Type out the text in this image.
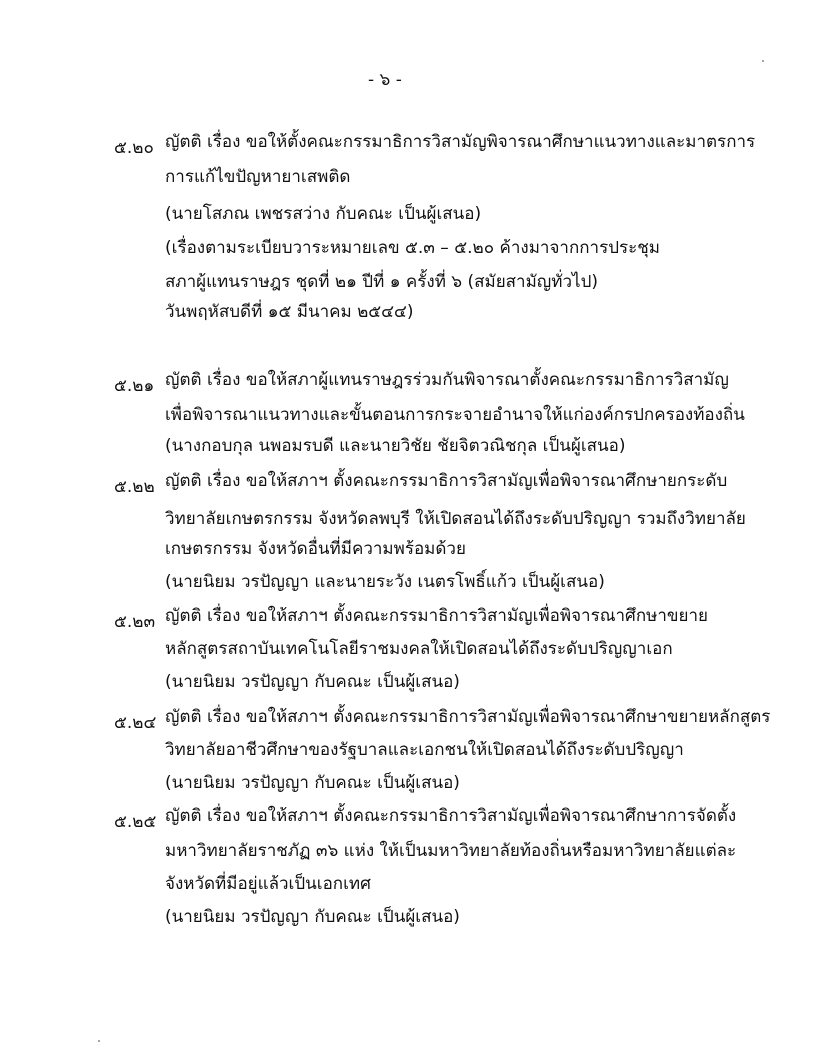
- ๖ -
๕.๒๐ ญัตติ เรื่อง ขอให้ตั้งคณะกรรมาธิการวิสามัญพิจารณาศึกษาแนวทางและมาตรการ
การแก้ไขปัญหายาเสพติด
(นายโสภณ เพชรสว่าง กับคณะ เป็นผู้เสนอ)
(เรื่องตามระเบียบวาระหมายเลข ๕.๓ – ๕.๒๐ ค้างมาจากการประชุม
สภาผู้แทนราษฎร ชุดที่ ๒๑ ปีที่ ๑ ครั้งที่ ๖ (สมัยสามัญทั่วไป)
วันพฤหัสบดีที่ ๑๕ มีนาคม ๒๕๔๔)
๕.๒๑ ญัตติ เรื่อง ขอให้สภาผู้แทนราษฎรร่วมกันพิจารณาตั้งคณะกรรมาธิการวิสามัญ
เพื่อพิจารณาแนวทางและขั้นตอนการกระจายอำนาจให้แก่องค์กรปกครองท้องถิ่น
(นางกอบกุล นพอมรบดี และนายวิชัย ชัยจิตวณิชกุล เป็นผู้เสนอ)
๕.๒๒ ญัตติ เรื่อง ขอให้สภาฯ ตั้งคณะกรรมาธิการวิสามัญเพื่อพิจารณาศึกษายกระดับ
วิทยาลัยเกษตรกรรม จังหวัดลพบุรี ให้เปิดสอนได้ถึงระดับปริญญา รวมถึงวิทยาลัย
เกษตรกรรม จังหวัดอื่นที่มีความพร้อมด้วย
(นายนิยม วรปัญญา และนายระวัง เนตรโพธิ์แก้ว เป็นผู้เสนอ)
๕.๒๓ ญัตติ เรื่อง ขอให้สภาฯ ตั้งคณะกรรมาธิการวิสามัญเพื่อพิจารณาศึกษาขยาย
หลักสูตรสถาบันเทคโนโลยีราชมงคลให้เปิดสอนได้ถึงระดับปริญญาเอก
(นายนิยม วรปัญญา กับคณะ เป็นผู้เสนอ)
๕.๒๔ ญัตติ เรื่อง ขอให้สภาฯ ตั้งคณะกรรมาธิการวิสามัญเพื่อพิจารณาศึกษาขยายหลักสูตร
วิทยาลัยอาชีวศึกษาของรัฐบาลและเอกชนให้เปิดสอนได้ถึงระดับปริญญา
(นายนิยม วรปัญญา กับคณะ เป็นผู้เสนอ)
๕.๒๕ ญัตติ เรื่อง ขอให้สภาฯ ตั้งคณะกรรมาธิการวิสามัญเพื่อพิจารณาศึกษาการจัดตั้ง
มหาวิทยาลัยราชภัฏ ๓๖ แห่ง ให้เป็นมหาวิทยาลัยท้องถิ่นหรือมหาวิทยาลัยแต่ละ
จังหวัดที่มีอยู่แล้วเป็นเอกเทศ
(นายนิยม วรปัญญา กับคณะ เป็นผู้เสนอ)
